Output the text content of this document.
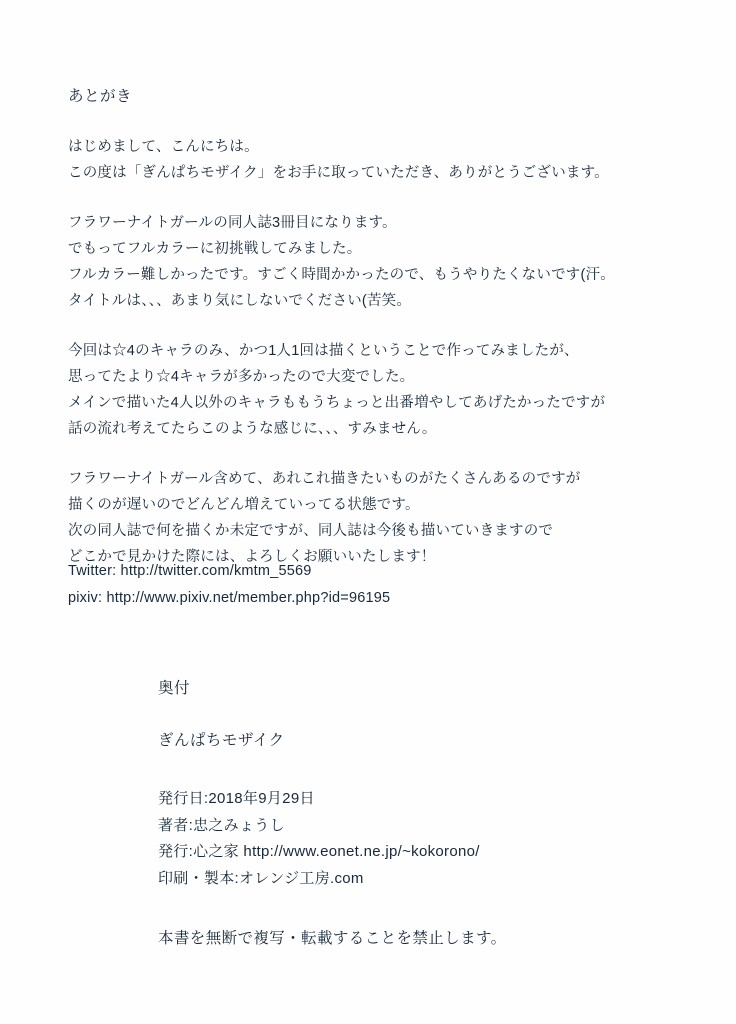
あとがき

はじめまして、こんにちは。
この度は「ぎんぱちモザイク」をお手に取っていただき、ありがとうございます。

フラワーナイトガールの同人誌3冊目になります。
でもってフルカラーに初挑戦してみました。
フルカラー難しかったです。すごく時間かかったので、もうやりたくないです(汗。
タイトルは、、、あまり気にしないでください(苦笑。

今回は☆4のキャラのみ、かつ1人1回は描くということで作ってみましたが、
思ってたより☆4キャラが多かったので大変でした。
メインで描いた4人以外のキャラももうちょっと出番増やしてあげたかったですが
話の流れ考えてたらこのような感じに、、、すみません。

フラワーナイトガール含めて、あれこれ描きたいものがたくさんあるのですが
描くのが遅いのでどんどん増えていってる状態です。
次の同人誌で何を描くか未定ですが、同人誌は今後も描いていきますので
どこかで見かけた際には、よろしくお願いいたします！

Twitter: http://twitter.com/kmtm_5569
pixiv: http://www.pixiv.net/member.php?id=96195
奥付
ぎんぱちモザイク
発行日:2018年9月29日
著者:忠之みょうし
発行:心之家 http://www.eonet.ne.jp/~kokorono/
印刷・製本:オレンジ工房.com

本書を無断で複写・転載することを禁止します。
